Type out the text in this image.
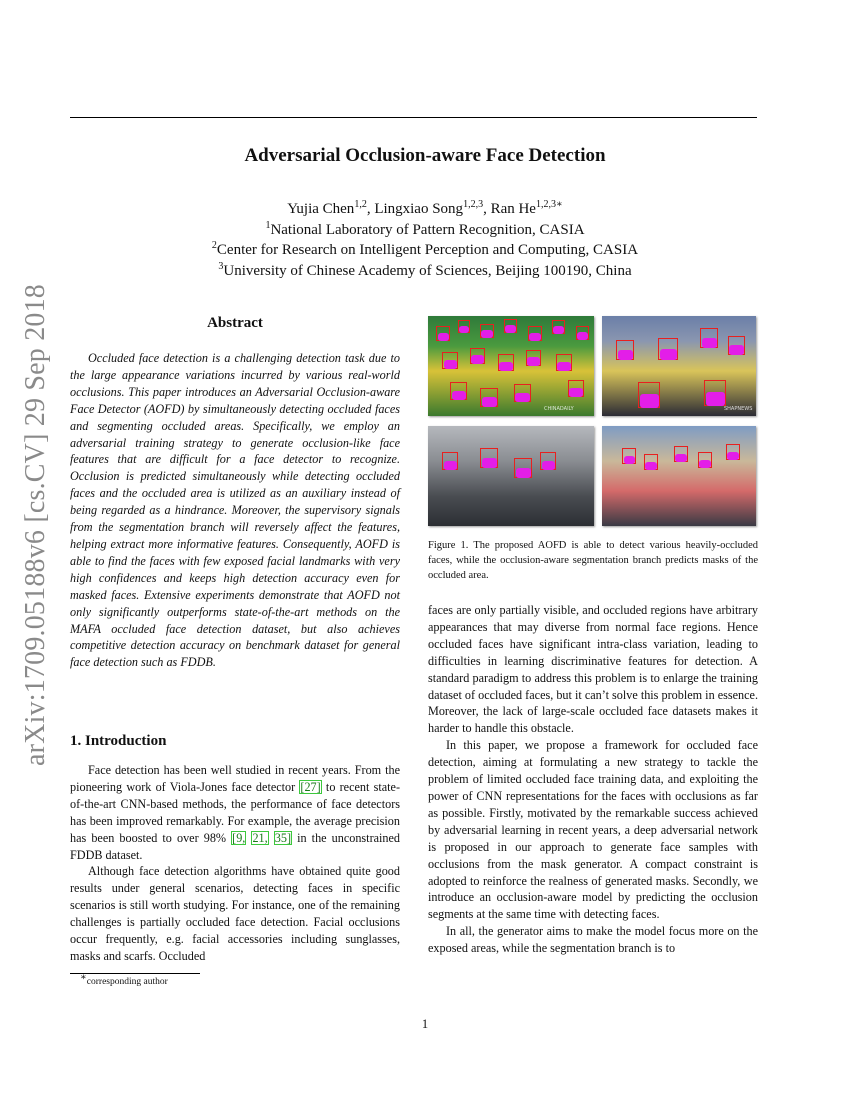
arXiv:1709.05188v6 [cs.CV] 29 Sep 2018
Adversarial Occlusion-aware Face Detection
Yujia Chen$^{1,2}$, Lingxiao Song$^{1,2,3}$, Ran $He^{1,2,3∗}$
$^1$National Laboratory of Pattern Recognition, CASIA
$^2$Center for Research on Intelligent Perception and Computing, CASIA
$^3$University of Chinese Academy of Sciences, Beijing 100190, China
Abstract
Occluded face detection is a challenging detection task due to the large appearance variations incurred by various real-world occlusions. This paper introduces an Adversarial Occlusion-aware Face Detector (AOFD) by simultaneously detecting occluded faces and segmenting occluded areas. Specifically, we employ an adversarial training strategy to generate occlusion-like face features that are difficult for a face detector to recognize. Occlusion is predicted simultaneously while detecting occluded faces and the occluded area is utilized as an auxiliary instead of being regarded as a hindrance. Moreover, the supervisory signals from the segmentation branch will reversely affect the features, helping extract more informative features. Consequently, AOFD is able to find the faces with few exposed facial landmarks with very high confidences and keeps high detection accuracy even for masked faces. Extensive experiments demonstrate that AOFD not only significantly outperforms state-of-the-art methods on the MAFA occluded face detection dataset, but also achieves competitive detection accuracy on benchmark dataset for general face detection such as FDDB.
1. Introduction

Face detection has been well studied in recent years. From the pioneering work of Viola-Jones face detector [27] to recent state-of-the-art CNN-based methods, the performance of face detectors has been improved remarkably. For example, the average precision has been boosted to over 98% [9, 21, 35] in the unconstrained FDDB dataset.

Although face detection algorithms have obtained quite good results under general scenarios, detecting faces in specific scenarios is still worth studying. For instance, one of the remaining challenges is partially occluded face detection. Facial occlusions occur frequently, e.g. facial accessories including sunglasses, masks and scarfs. Occluded

∗corresponding author
CHINADAILY	SHAPNEWS
Figure 1. The proposed AOFD is able to detect various heavily-occluded faces, while the occlusion-aware segmentation branch predicts masks of the occluded area.

faces are only partially visible, and occluded regions have arbitrary appearances that may diverse from normal face regions. Hence occluded faces have significant intra-class variation, leading to difficulties in learning discriminative features for detection. A standard paradigm to address this problem is to enlarge the training dataset of occluded faces, but it can’t solve this problem in essence. Moreover, the lack of large-scale occluded face datasets makes it harder to handle this obstacle.

In this paper, we propose a framework for occluded face detection, aiming at formulating a new strategy to tackle the problem of limited occluded face training data, and exploiting the power of CNN representations for the faces with occlusions as far as possible. Firstly, motivated by the remarkable success achieved by adversarial learning in recent years, a deep adversarial network is proposed in our approach to generate face samples with occlusions from the mask generator. A compact constraint is adopted to reinforce the realness of generated masks. Secondly, we introduce an occlusion-aware model by predicting the occlusion segments at the same time with detecting faces.

In all, the generator aims to make the model focus more on the exposed areas, while the segmentation branch is to

1
